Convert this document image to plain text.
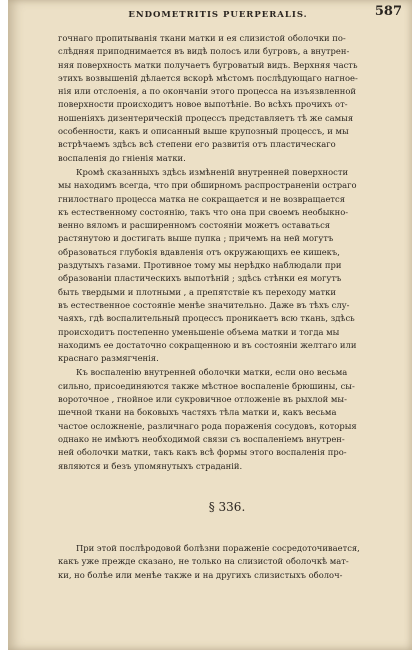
ENDOMETRITIS PUERPERALIS.	587
гочнаго пропитыванія ткани матки и ея слизистой оболочки по-
слѣдняя приподнимается въ видѣ полосъ или бугровъ, а внутрен-
няя поверхность матки получаетъ бугроватый видъ. Верхняя часть
этихъ возвышеній дѣлается вскорѣ мѣстомъ послѣдующаго нагное-
нія или отслоенія, а по окончаніи этого процесса на изъязвленной
поверхности происходитъ новое выпотѣніе. Во всѣхъ прочихъ от-
ношеніяхъ дизентерическій процессъ представляетъ тѣ же самыя
особенности, какъ и описанный выше крупозный процессъ, и мы
встрѣчаемъ здѣсь всѣ степени его развитія отъ пластическаго
воспаленія до гніенія матки.
Кромѣ сказанныхъ здѣсь измѣненій внутренней поверхности
мы находимъ всегда, что при обширномъ распространеніи остраго
гнилостнаго процесса матка не сокращается и не возвращается
къ естественному состоянію, такъ что она при своемъ необыкно-
венно вяломъ и расширенномъ состояніи можетъ оставаться
растянутою и достигать выше пупка ; причемъ на ней могутъ
образоваться глубокія вдавленія отъ окружающихъ ее кишекъ,
раздутыхъ газами. Противное тому мы нерѣдко наблюдали при
образованіи пластическихъ выпотѣній ; здѣсь стѣнки ея могутъ
быть твердыми и плотными , а препятствіе къ переходу матки
въ естественное состояніе менѣе значительно. Даже въ тѣхъ слу-
чаяхъ, гдѣ воспалительный процессъ проникаетъ всю ткань, здѣсь
происходитъ постепенно уменьшеніе объема матки и тогда мы
находимъ ее достаточно сокращенною и въ состояніи желтаго или
краснаго размягченія.
Къ воспаленію внутренней оболочки матки, если оно весьма
сильно, присоединяются также мѣстное воспаленіе брюшины, сы-
вороточное , гнойное или сукровичное отложеніе въ рыхлой мы-
шечной ткани на боковыхъ частяхъ тѣла матки и, какъ весьма
частое осложненіе, различнаго рода пораженія сосудовъ, которыя
однако не имѣютъ необходимой связи съ воспаленіемъ внутрен-
ней оболочки матки, такъ какъ всѣ формы этого воспаленія про-
являются и безъ упомянутыхъ страданій.
§ 336.
При этой послѣродовой болѣзни пораженіе сосредоточивается,
какъ уже прежде сказано, не только на слизистой оболочкѣ мат-
ки, но болѣе или менѣе также и на другихъ слизистыхъ оболоч-
